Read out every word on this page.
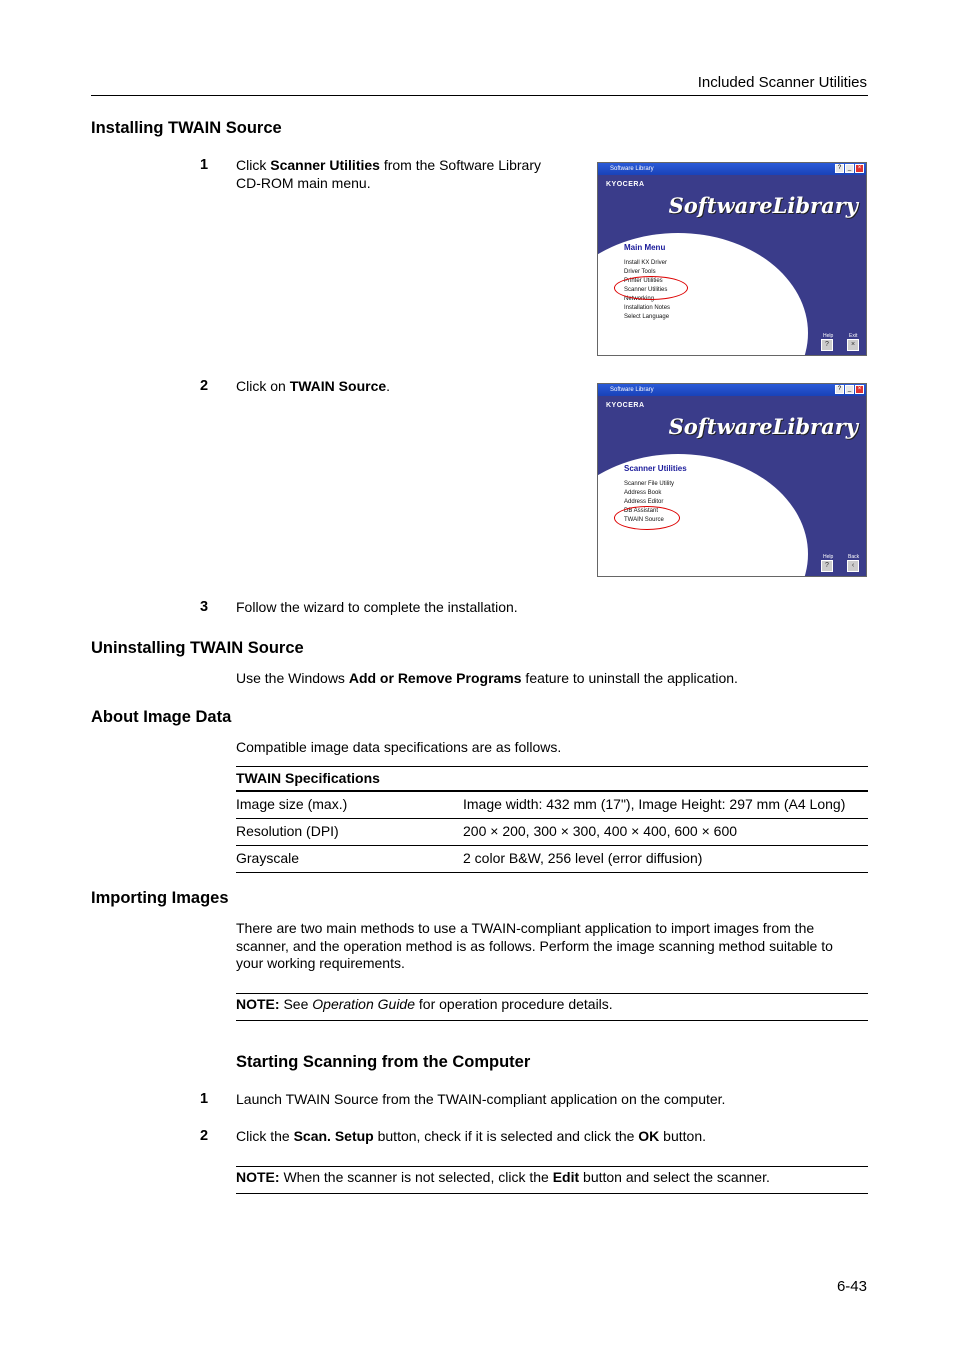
Included Scanner Utilities
Installing TWAIN Source
1 Click Scanner Utilities from the Software Library
CD-ROM main menu.
Software Library	?	_	×
KYOCERA
SoftwareLibrary
Main Menu
Install KX Driver
Driver Tools
Printer Utilities
Scanner Utilities
Networking
Installation Notes
Select Language
Help
?
Exit
×
2 Click on TWAIN Source.	Software Library	?	_	×
KYOCERA
SoftwareLibrary
Scanner Utilities
Scanner File Utility
Address Book
Address Editor
DB Assistant
TWAIN Source
Help
?
Back
‹
3 Follow the wizard to complete the installation.
Uninstalling TWAIN Source
Use the Windows Add or Remove Programs feature to uninstall the application.
About Image Data
Compatible image data specifications are as follows.
TWAIN Specifications	
Image size (max.)	Image width: 432 mm (17"), Image Height: 297 mm (A4 Long)
Resolution (DPI)	200 × 200, 300 × 300, 400 × 400, 600 × 600
Grayscale	2 color B&W, 256 level (error diffusion)
Importing Images
There are two main methods to use a TWAIN-compliant application to import images from the
scanner, and the operation method is as follows. Perform the image scanning method suitable to
your working requirements.
NOTE: See Operation Guide for operation procedure details.
Starting Scanning from the Computer
1 Launch TWAIN Source from the TWAIN-compliant application on the computer.
2 Click the Scan. Setup button, check if it is selected and click the OK button.
NOTE: When the scanner is not selected, click the Edit button and select the scanner.
6-43
